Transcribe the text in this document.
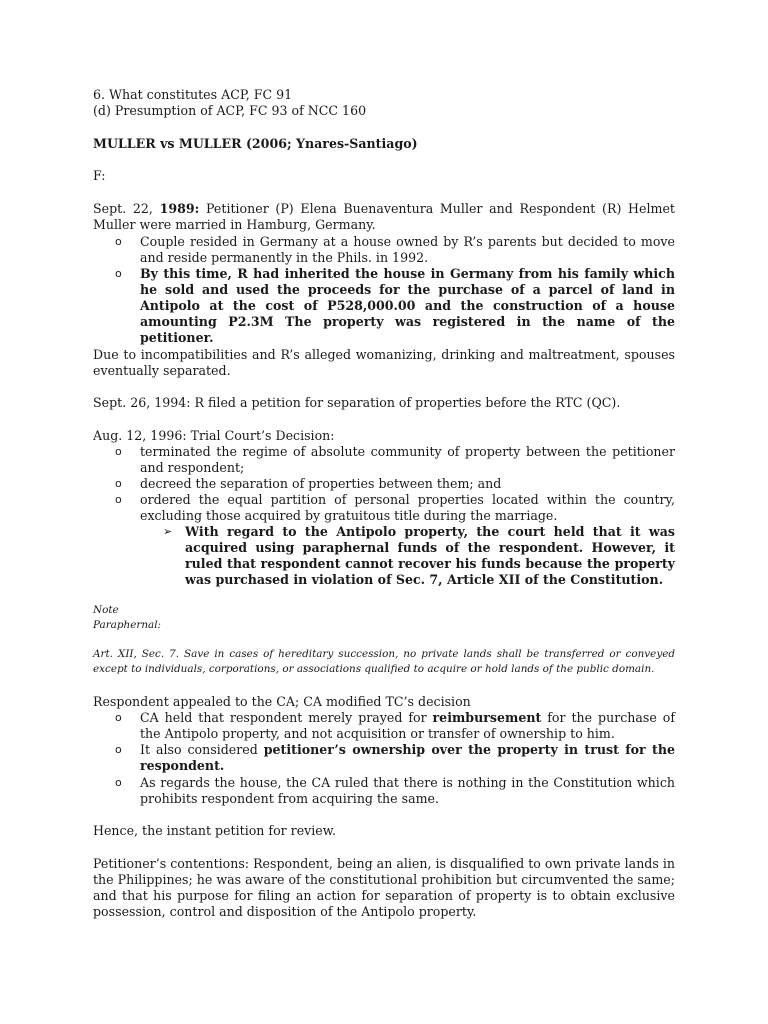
6. What constitutes ACP, FC 91
(d) Presumption of ACP, FC 93 of NCC 160
MULLER vs MULLER (2006; Ynares-Santiago)
F:
Sept. 22, 1989: Petitioner (P) Elena Buenaventura Muller and Respondent (R) Helmet Muller were married in Hamburg, Germany.
o Couple resided in Germany at a house owned by R’s parents but decided to move and reside permanently in the Phils. in 1992.
o By this time, R had inherited the house in Germany from his family which he sold and used the proceeds for the purchase of a parcel of land in Antipolo at the cost of P528,000.00 and the construction of a house amounting P2.3M The property was registered in the name of the petitioner.
Due to incompatibilities and R’s alleged womanizing, drinking and maltreatment, spouses eventually separated.
Sept. 26, 1994: R filed a petition for separation of properties before the RTC (QC).
Aug. 12, 1996: Trial Court’s Decision:
o terminated the regime of absolute community of property between the petitioner and respondent;
o decreed the separation of properties between them; and
o ordered the equal partition of personal properties located within the country, excluding those acquired by gratuitous title during the marriage.
➢ With regard to the Antipolo property, the court held that it was acquired using paraphernal funds of the respondent. However, it ruled that respondent cannot recover his funds because the property was purchased in violation of Sec. 7, Article XII of the Constitution.
Note
Paraphernal:
Art. XII, Sec. 7. Save in cases of hereditary succession, no private lands shall be transferred or conveyed except to individuals, corporations, or associations qualified to acquire or hold lands of the public domain.
Respondent appealed to the CA; CA modified TC’s decision
o CA held that respondent merely prayed for reimbursement for the purchase of the Antipolo property, and not acquisition or transfer of ownership to him.
o It also considered petitioner’s ownership over the property in trust for the respondent.
o As regards the house, the CA ruled that there is nothing in the Constitution which prohibits respondent from acquiring the same.
Hence, the instant petition for review.
Petitioner’s contentions: Respondent, being an alien, is disqualified to own private lands in the Philippines; he was aware of the constitutional prohibition but circumvented the same; and that his purpose for filing an action for separation of property is to obtain exclusive possession, control and disposition of the Antipolo property.
